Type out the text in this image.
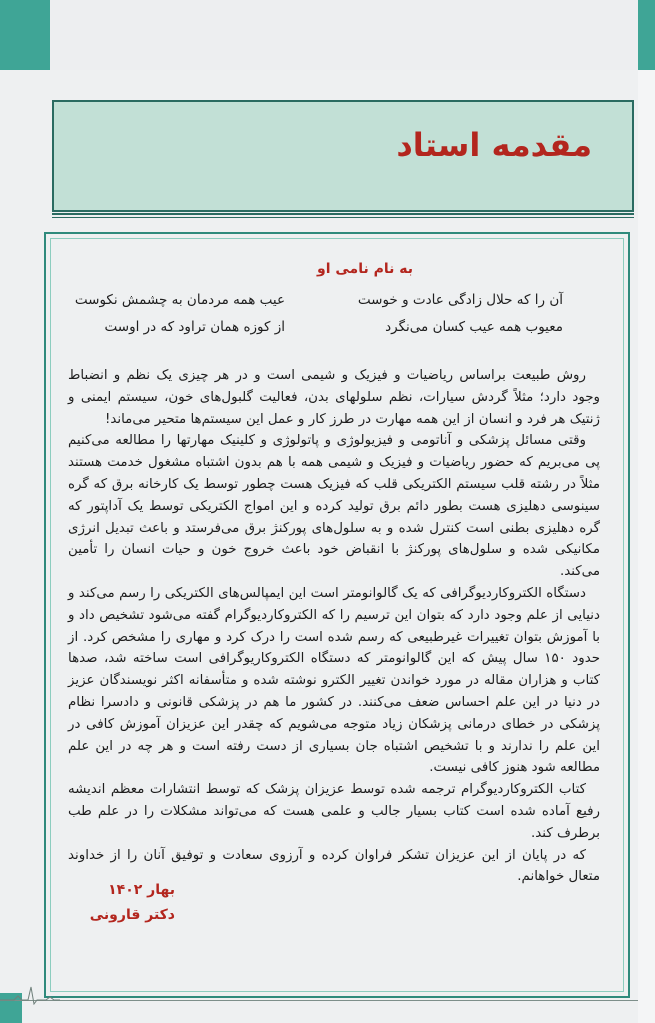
مقدمه استاد
به نام نامی او
آن را که حلال زادگی عادت و خوست
عیب همه مردمان به چشمش نکوست
معیوب همه عیب کسان می‌نگرد
از کوزه همان تراود که در اوست

روش طبیعت براساس ریاضیات و فیزیک و شیمی است و در هر چیزی یک نظم و انضباط وجود دارد؛ مثلاً گردش سیارات، نظم سلولهای بدن، فعالیت گلبول‌های خون، سیستم ایمنی و ژنتیک هر فرد و انسان از این همه مهارت در طرز کار و عمل این سیستم‌ها متحیر می‌ماند!

وقتی مسائل پزشکی و آناتومی و فیزیولوژی و پاتولوژی و کلینیک مهارتها را مطالعه می‌کنیم پی می‌بریم که حضور ریاضیات و فیزیک و شیمی همه با هم بدون اشتباه مشغول خدمت هستند مثلاً در رشته قلب سیستم الکتریکی قلب که فیزیک هست چطور توسط یک کارخانه برق که گره سینوسی دهلیزی هست بطور دائم برق تولید کرده و این امواج الکتریکی توسط یک آداپتور که گره دهلیزی بطنی است کنترل شده و به سلول‌های پورکنژ برق می‌فرستد و باعث تبدیل انرژی مکانیکی شده و سلول‌های پورکنژ با انقباض خود باعث خروج خون و حیات انسان را تأمین می‌کند.

دستگاه الکتروکاردیوگرافی که یک گالوانومتر است این ایمپالس‌های الکتریکی را رسم می‌کند و دنیایی از علم وجود دارد که بتوان این ترسیم را که الکتروکاردیوگرام گفته می‌شود تشخیص داد و با آموزش بتوان تغییرات غیرطبیعی که رسم شده است را درک کرد و مهاری را مشخص کرد. از حدود ۱۵۰ سال پیش که این گالوانومتر که دستگاه الکتروکاریوگرافی است ساخته شد، صدها کتاب و هزاران مقاله در مورد خواندن تغییر الکترو نوشته شده و متأسفانه اکثر نویسندگان عزیز در دنیا در این علم احساس ضعف می‌کنند. در کشور ما هم در پزشکی قانونی و دادسرا نظام پزشکی در خطای درمانی پزشکان زیاد متوجه می‌شویم که چقدر این عزیزان آموزش کافی در این علم را ندارند و با تشخیص اشتباه جان بسیاری از دست رفته است و هر چه در این علم مطالعه شود هنوز کافی نیست.

کتاب الکتروکاردیوگرام ترجمه شده توسط عزیزان پزشک که توسط انتشارات معظم اندیشه رفیع آماده شده است کتاب بسیار جالب و علمی هست که می‌تواند مشکلات را در علم طب برطرف کند.

که در پایان از این عزیزان تشکر فراوان کرده و آرزوی سعادت و توفیق آنان را از خداوند متعال خواهانم.

بهار ۱۴۰۲
دکتر قارونی
